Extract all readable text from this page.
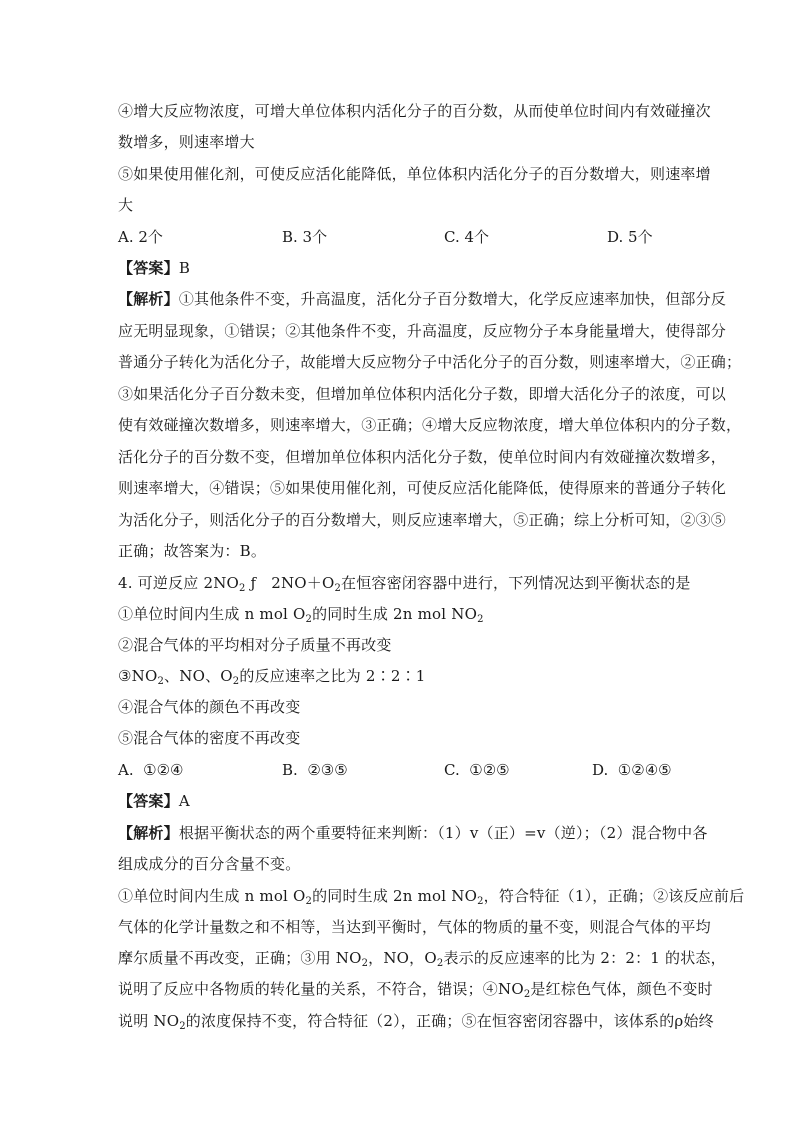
④增大反应物浓度，可增大单位体积内活化分子的百分数，从而使单位时间内有效碰撞次
数增多，则速率增大
⑤如果使用催化剂，可使反应活化能降低，单位体积内活化分子的百分数增大，则速率增
大
A. 2个	B. 3个	C. 4个	D. 5个
【答案】B
【解析】①其他条件不变，升高温度，活化分子百分数增大，化学反应速率加快，但部分反
应无明显现象，①错误；②其他条件不变，升高温度，反应物分子本身能量增大，使得部分
普通分子转化为活化分子，故能增大反应物分子中活化分子的百分数，则速率增大，②正确；
③如果活化分子百分数未变，但增加单位体积内活化分子数，即增大活化分子的浓度，可以
使有效碰撞次数增多，则速率增大，③正确；④增大反应物浓度，增大单位体积内的分子数，
活化分子的百分数不变，但增加单位体积内活化分子数，使单位时间内有效碰撞次数增多，
则速率增大，④错误；⑤如果使用催化剂，可使反应活化能降低，使得原来的普通分子转化
为活化分子，则活化分子的百分数增大，则反应速率增大，⑤正确；综上分析可知，②③⑤
正确；故答案为：B。
4. 可逆反应 $2NO_2$ ƒ   $2NO+O_2$在恒容密闭容器中进行，下列情况达到平衡状态的是
①单位时间内生成 n mol $O_2$的同时生成 2n mol $NO_2$
②混合气体的平均相对分子质量不再改变
$③NO_2$、NO、$O_2$的反应速率之比为 2∶2∶1
④混合气体的颜色不再改变
⑤混合气体的密度不再改变
A.  ①②④	B.  ②③⑤	C.  ①②⑤	D.  ①②④⑤
【答案】A
【解析】根据平衡状态的两个重要特征来判断：（1）v（正）=v（逆）；（2）混合物中各
组成成分的百分含量不变。
①单位时间内生成 n mol $O_2$的同时生成 2n mol $NO_2$，符合特征（1），正确；②该反应前后
气体的化学计量数之和不相等，当达到平衡时，气体的物质的量不变，则混合气体的平均
摩尔质量不再改变，正确；③用 $NO_2$，NO，$O_2$表示的反应速率的比为 2：2：1 的状态，
说明了反应中各物质的转化量的关系，不符合，错误；$④NO_2$是红棕色气体，颜色不变时
说明 $NO_2$的浓度保持不变，符合特征（2），正确；⑤在恒容密闭容器中，该体系的ρ始终
